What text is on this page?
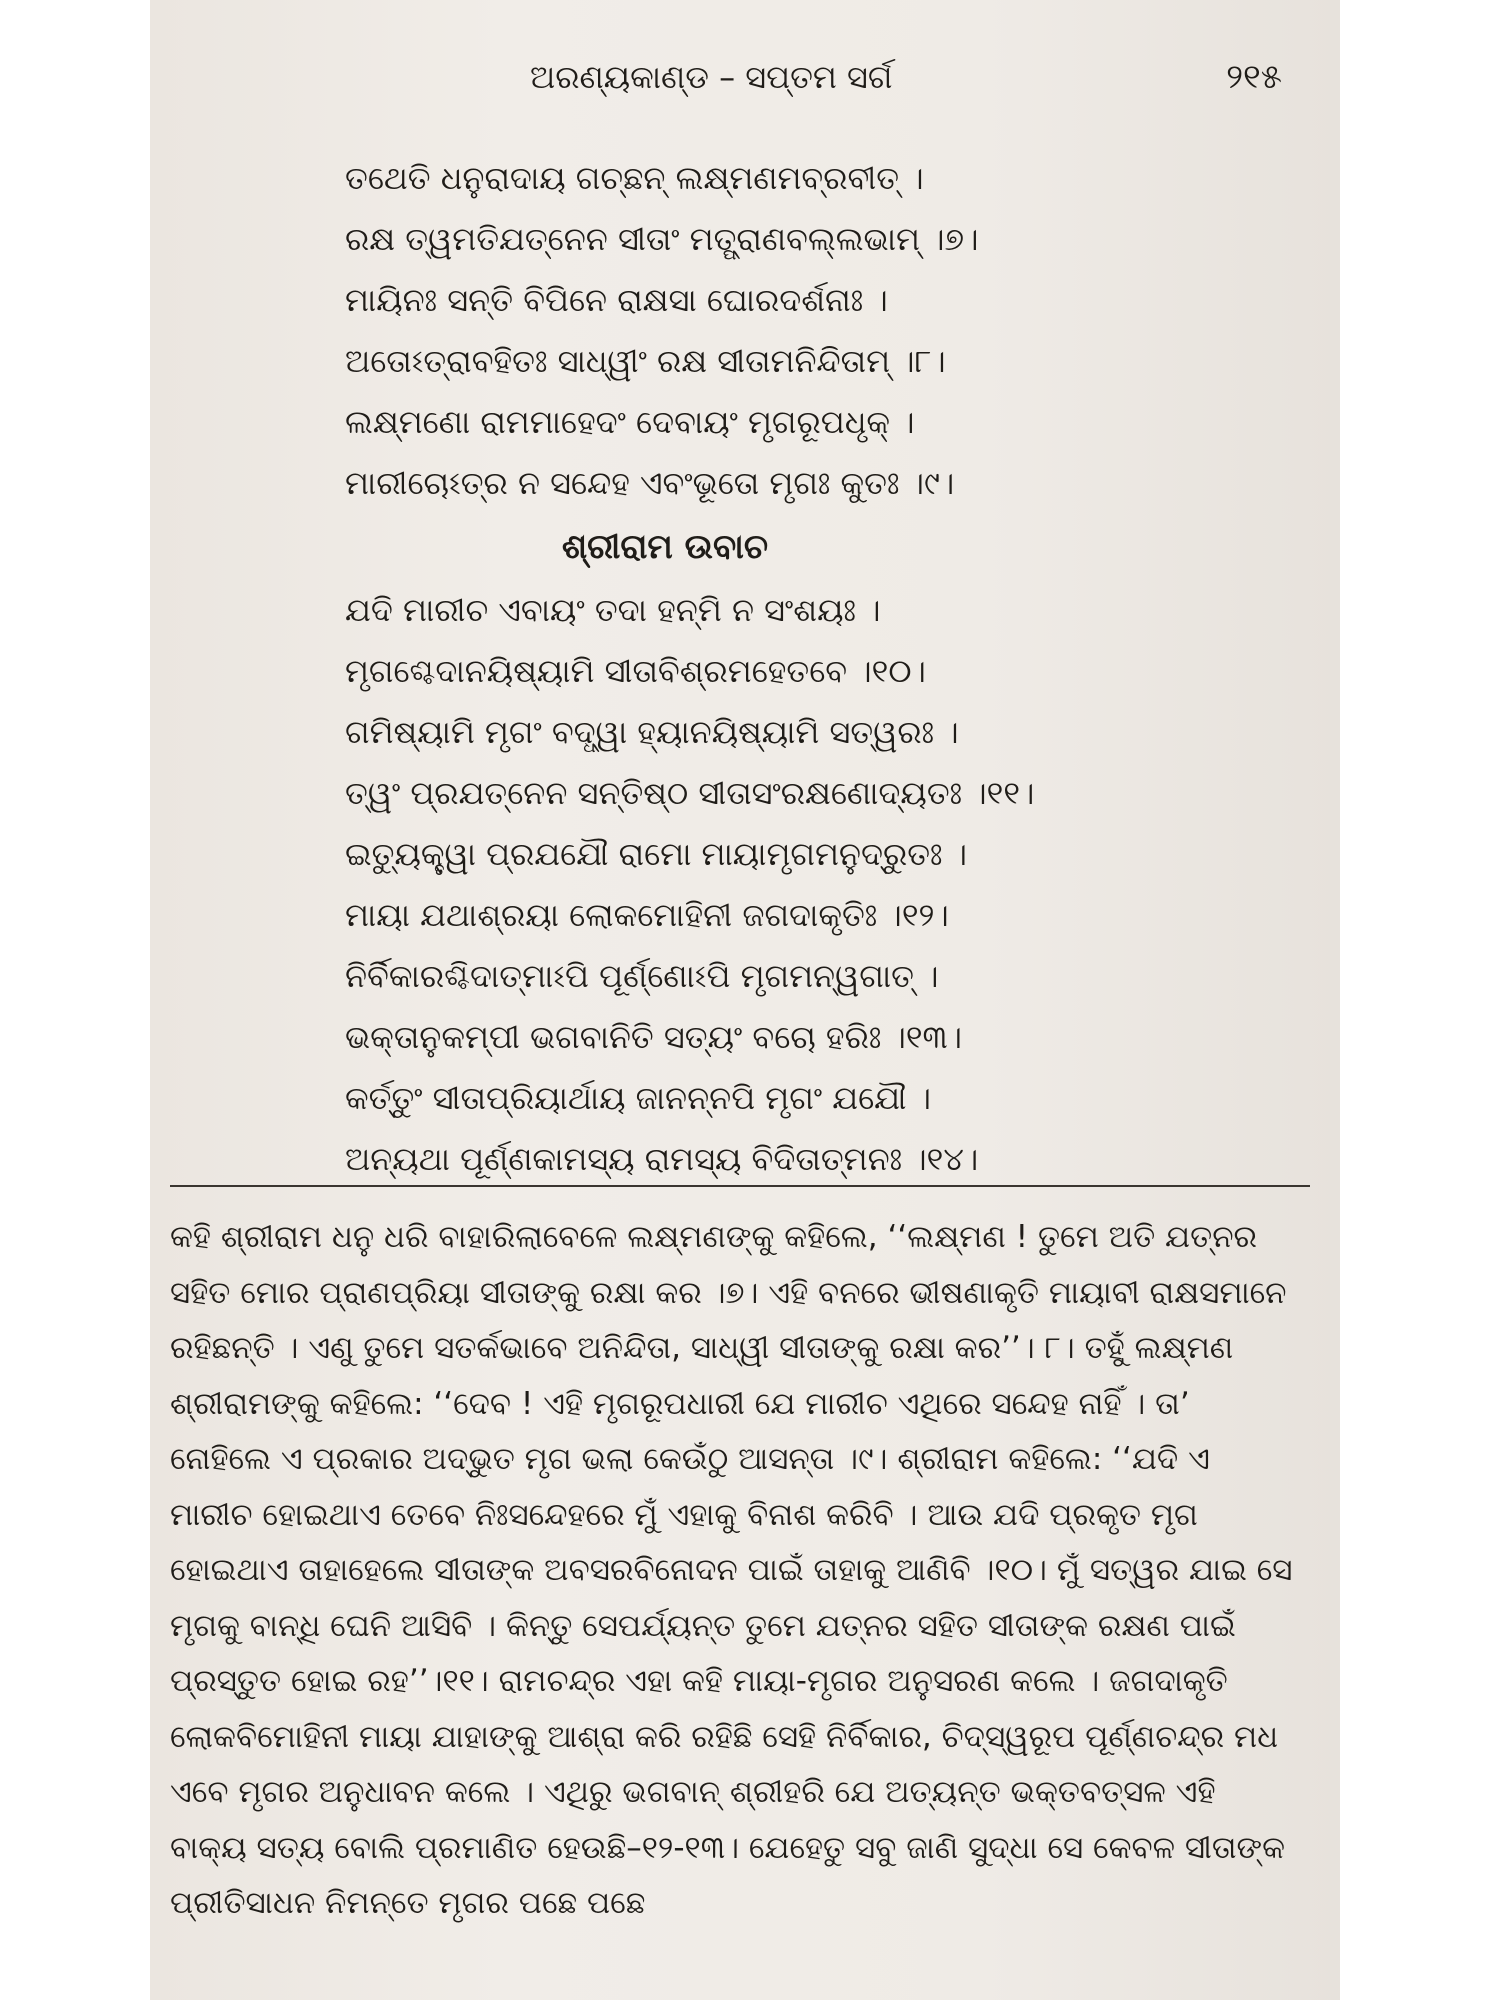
ଅରଣ୍ୟକାଣ୍ଡ – ସପ୍ତମ ସର୍ଗ	୨୧୫
ତଥେତି ଧନୁରାଦାୟ ଗଚ୍ଛନ୍ ଲକ୍ଷ୍ମଣମବ୍ରବୀତ୍ ।
ରକ୍ଷ ତ୍ୱମତିଯତ୍ନେନ ସୀତାଂ ମତ୍ପ୍ରାଣବଲ୍ଲଭାମ୍ ।୭।
ମାୟିନଃ ସନ୍ତି ବିପିନେ ରାକ୍ଷସା ଘୋରଦର୍ଶନାଃ ।
ଅତୋଽତ୍ରାବହିତଃ ସାଧ୍ୱୀଂ ରକ୍ଷ ସୀତାମନିନ୍ଦିତାମ୍ ।୮।
ଲକ୍ଷ୍ମଣୋ ରାମମାହେଦଂ ଦେବାୟଂ ମୃଗରୂପଧୃକ୍ ।
ମାରୀଚୋଽତ୍ର ନ ସନ୍ଦେହ ଏବଂଭୂତୋ ମୃଗଃ କୁତଃ ।୯।
ଶ୍ରୀରାମ ଉବାଚ
ଯଦି ମାରୀଚ ଏବାୟଂ ତଦା ହନ୍ମି ନ ସଂଶୟଃ ।
ମୃଗଶ୍ଚେଦାନୟିଷ୍ୟାମି ସୀତାବିଶ୍ରମହେତବେ ।୧୦।
ଗମିଷ୍ୟାମି ମୃଗଂ ବଦ୍ଧ୍ୱା ହ୍ୟାନୟିଷ୍ୟାମି ସତ୍ୱରଃ ।
ତ୍ୱଂ ପ୍ରଯତ୍ନେନ ସନ୍ତିଷ୍ଠ ସୀତାସଂରକ୍ଷଣୋଦ୍ୟତଃ ।୧୧।
ଇତ୍ୟୁକ୍ତ୍ୱା ପ୍ରଯଯୌ ରାମୋ ମାୟାମୃଗମନୁଦ୍ରୁତଃ ।
ମାୟା ଯଥାଶ୍ରୟା ଲୋକମୋହିନୀ ଜଗଦାକୃତିଃ ।୧୨।
ନିର୍ବିକାରଶ୍ଚିଦାତ୍ମାଽପି ପୂର୍ଣ୍ଣୋଽପି ମୃଗମନ୍ୱଗାତ୍ ।
ଭକ୍ତାନୁକମ୍ପୀ ଭଗବାନିତି ସତ୍ୟଂ ବଚୋ ହରିଃ ।୧୩।
କର୍ତ୍ତୁଂ ସୀତାପ୍ରିୟାର୍ଥାୟ ଜାନନ୍ନପି ମୃଗଂ ଯଯୌ ।
ଅନ୍ୟଥା ପୂର୍ଣ୍ଣକାମସ୍ୟ ରାମସ୍ୟ ବିଦିତାତ୍ମନଃ ।୧୪।

କହି ଶ୍ରୀରାମ ଧନୁ ଧରି ବାହାରିଲାବେଳେ ଲକ୍ଷ୍ମଣଙ୍କୁ କହିଲେ, ‘‘ଲକ୍ଷ୍ମଣ ! ତୁମେ ଅତି ଯତ୍ନର ସହିତ ମୋର ପ୍ରାଣପ୍ରିୟା ସୀତାଙ୍କୁ ରକ୍ଷା କର ।୭। ଏହି ବନରେ ଭୀଷଣାକୃତି ମାୟାବୀ ରାକ୍ଷସମାନେ ରହିଛନ୍ତି । ଏଣୁ ତୁମେ ସତର୍କଭାବେ ଅନିନ୍ଦିତା, ସାଧ୍ୱୀ ସୀତାଙ୍କୁ ରକ୍ଷା କର’’। ୮। ତହୁଁ ଲକ୍ଷ୍ମଣ ଶ୍ରୀରାମଙ୍କୁ କହିଲେ: ‘‘ଦେବ ! ଏହି ମୃଗରୂପଧାରୀ ଯେ ମାରୀଚ ଏଥିରେ ସନ୍ଦେହ ନାହିଁ । ତା’ ନୋହିଲେ ଏ ପ୍ରକାର ଅଦ୍ଭୁତ ମୃଗ ଭଲା କେଉଁଠୁ ଆସନ୍ତା ।୯। ଶ୍ରୀରାମ କହିଲେ: ‘‘ଯଦି ଏ ମାରୀଚ ହୋଇଥାଏ ତେବେ ନିଃସନ୍ଦେହରେ ମୁଁ ଏହାକୁ ବିନାଶ କରିବି । ଆଉ ଯଦି ପ୍ରକୃତ ମୃଗ ହୋଇଥାଏ ତାହାହେଲେ ସୀତାଙ୍କ ଅବସରବିନୋଦନ ପାଇଁ ତାହାକୁ ଆଣିବି ।୧୦। ମୁଁ ସତ୍ୱର ଯାଇ ସେ ମୃଗକୁ ବାନ୍ଧି ଘେନି ଆସିବି । କିନ୍ତୁ ସେପର୍ଯ୍ୟନ୍ତ ତୁମେ ଯତ୍ନର ସହିତ ସୀତାଙ୍କ ରକ୍ଷଣ ପାଇଁ ପ୍ରସ୍ତୁତ ହୋଇ ରହ’’।୧୧। ରାମଚନ୍ଦ୍ର ଏହା କହି ମାୟା-ମୃଗର ଅନୁସରଣ କଲେ । ଜଗଦାକୃତି ଲୋକବିମୋହିନୀ ମାୟା ଯାହାଙ୍କୁ ଆଶ୍ରା କରି ରହିଛି ସେହି ନିର୍ବିକାର, ଚିଦ୍‌ସ୍ୱରୂପ ପୂର୍ଣ୍ଣଚନ୍ଦ୍ର ମଧ ଏବେ ମୃଗର ଅନୁଧାବନ କଲେ । ଏଥିରୁ ଭଗବାନ୍ ଶ୍ରୀହରି ଯେ ଅତ୍ୟନ୍ତ ଭକ୍ତବତ୍ସଳ ଏହି ବାକ୍ୟ ସତ୍ୟ ବୋଲି ପ୍ରମାଣିତ ହେଉଛି–୧୨-୧୩। ଯେହେତୁ ସବୁ ଜାଣି ସୁଦ୍ଧା ସେ କେବଳ ସୀତାଙ୍କ ପ୍ରୀତିସାଧନ ନିମନ୍ତେ ମୃଗର ପଛେ ପଛେ
